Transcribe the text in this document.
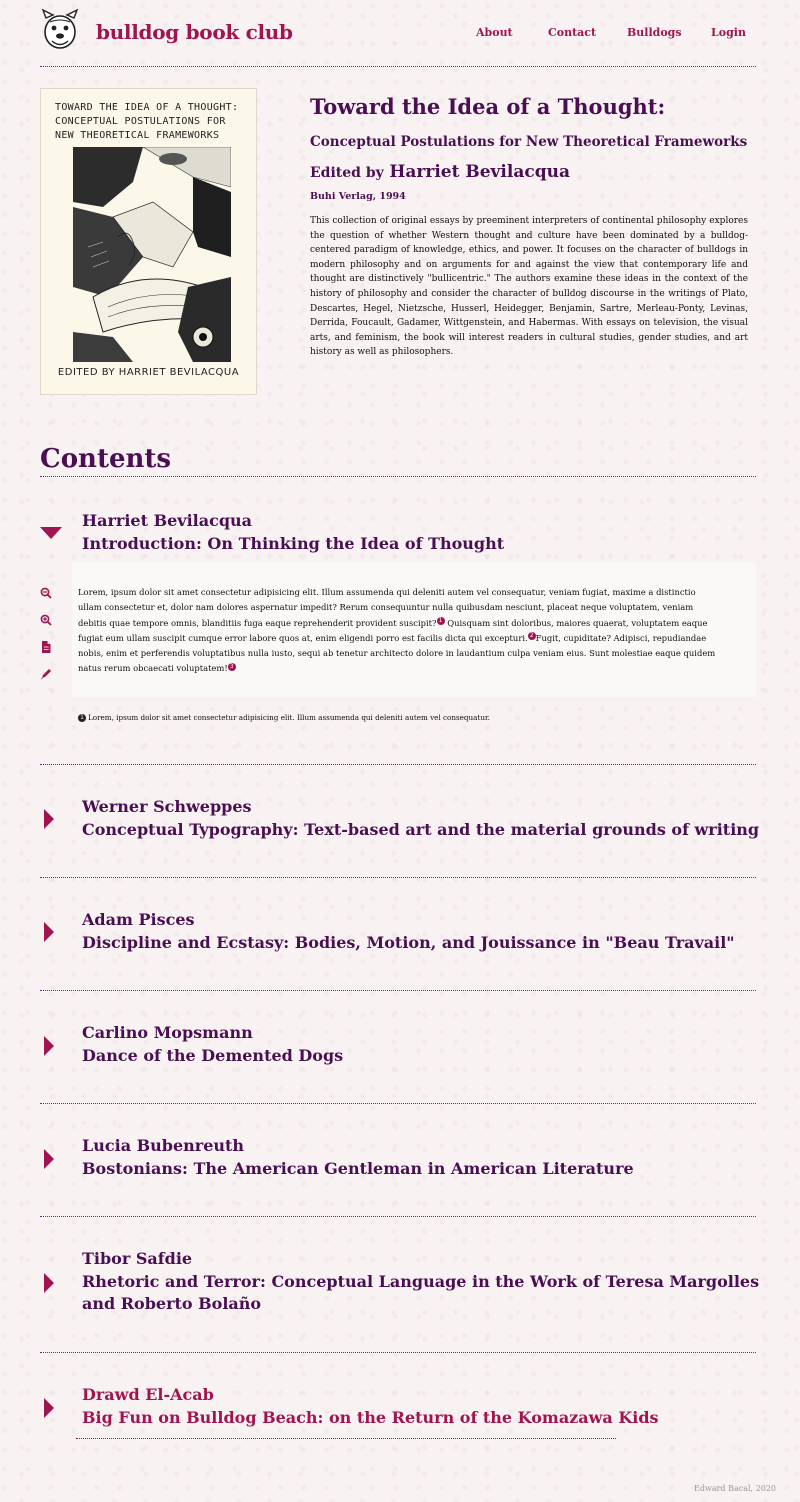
bulldog book club	About	Contact	Bulldogs	Login
TOWARD THE IDEA OF A THOUGHT:
CONCEPTUAL POSTULATIONS FOR
NEW THEORETICAL FRAMEWORKS
EDITED BY HARRIET BEVILACQUA
Toward the Idea of a Thought:
Conceptual Postulations for New Theoretical Frameworks
Edited by Harriet Bevilacqua
Buhi Verlag, 1994
This collection of original essays by preeminent interpreters of continental philosophy explores the question of whether Western thought and culture have been dominated by a bulldog-centered paradigm of knowledge, ethics, and power. It focuses on the character of bulldogs in modern philosophy and on arguments for and against the view that contemporary life and thought are distinctively "bullicentric." The authors examine these ideas in the context of the history of philosophy and consider the character of bulldog discourse in the writings of Plato, Descartes, Hegel, Nietzsche, Husserl, Heidegger, Benjamin, Sartre, Merleau-Ponty, Levinas, Derrida, Foucault, Gadamer, Wittgenstein, and Habermas. With essays on television, the visual arts, and feminism, the book will interest readers in cultural studies, gender studies, and art history as well as philosophers.
Contents
Harriet Bevilacqua
Introduction: On Thinking the Idea of Thought
Lorem, ipsum dolor sit amet consectetur adipisicing elit. Illum assumenda qui deleniti autem vel consequatur, veniam fugiat, maxime a distinctio ullam consectetur et, dolor nam dolores aspernatur impedit? Rerum consequuntur nulla quibusdam nesciunt, placeat neque voluptatem, veniam debitis quae tempore omnis, blanditiis fuga eaque reprehenderit provident suscipit? 1 Quisquam sint doloribus, maiores quaerat, voluptatem eaque fugiat eum ullam suscipit cumque error labore quos at, enim eligendi porro est facilis dicta qui excepturi. 2 Fugit, cupiditate? Adipisci, repudiandae nobis, enim et perferendis voluptatibus nulla iusto, sequi ab tenetur architecto dolore in laudantium culpa veniam eius. Sunt molestiae eaque quidem natus rerum obcaecati voluptatem! 3
1 Lorem, ipsum dolor sit amet consectetur adipisicing elit. Illum assumenda qui deleniti autem vel consequatur.
Werner Schweppes
Conceptual Typography: Text-based art and the material grounds of writing
Adam Pisces
Discipline and Ecstasy: Bodies, Motion, and Jouissance in "Beau Travail"
Carlino Mopsmann
Dance of the Demented Dogs
Lucia Bubenreuth
Bostonians: The American Gentleman in American Literature
Tibor Safdie
Rhetoric and Terror: Conceptual Language in the Work of Teresa Margolles and Roberto Bolaño
Drawd El-Acab
Big Fun on Bulldog Beach: on the Return of the Komazawa Kids
Edward Bacal, 2020
